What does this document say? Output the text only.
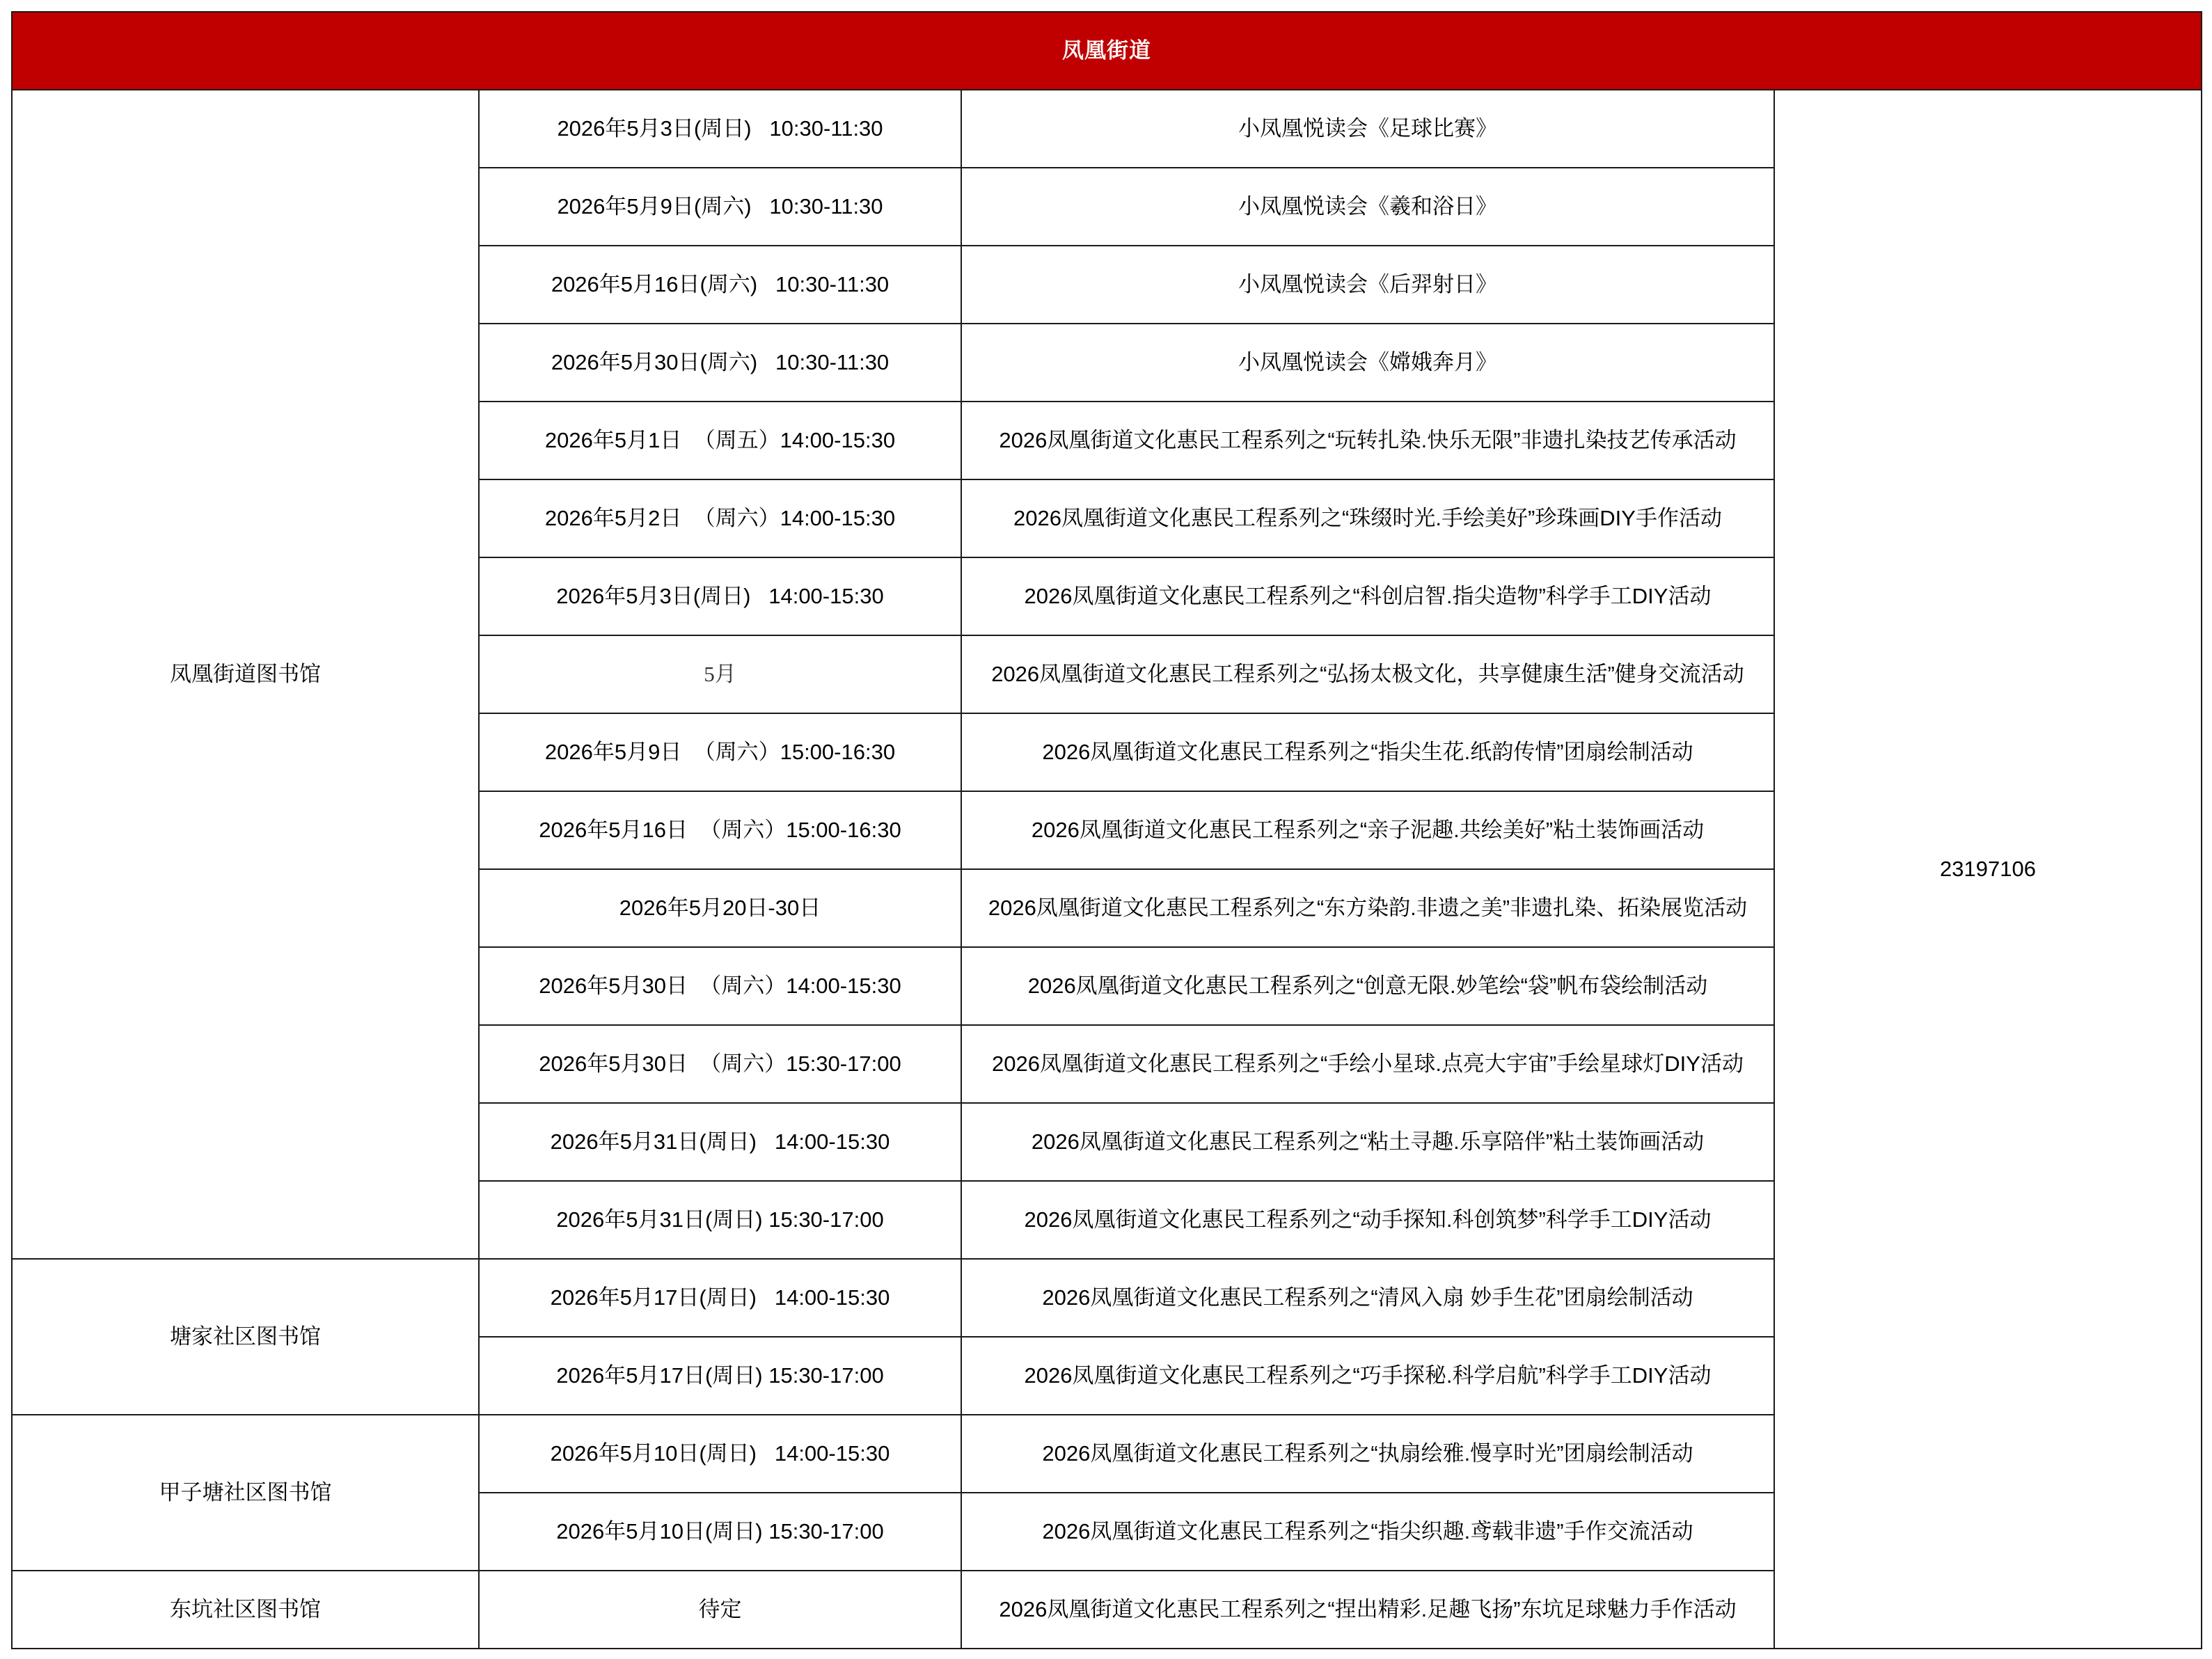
凤凰街道			
凤凰街道图书馆	2026年5月3日(周日)   10:30-11:30	小凤凰悦读会《足球比赛》	23197106
	2026年5月9日(周六)   10:30-11:30	小凤凰悦读会《羲和浴日》	
	2026年5月16日(周六)   10:30-11:30	小凤凰悦读会《后羿射日》	
	2026年5月30日(周六)   10:30-11:30	小凤凰悦读会《嫦娥奔月》	
	2026年5月1日  （周五）14:00-15:30	2026凤凰街道文化惠民工程系列之“玩转扎染.快乐无限”非遗扎染技艺传承活动	
	2026年5月2日  （周六）14:00-15:30	2026凤凰街道文化惠民工程系列之“珠缀时光.手绘美好”珍珠画DIY手作活动	
	2026年5月3日(周日)   14:00-15:30	2026凤凰街道文化惠民工程系列之“科创启智.指尖造物”科学手工DIY活动	
	5月	2026凤凰街道文化惠民工程系列之“弘扬太极文化，共享健康生活”健身交流活动	
	2026年5月9日  （周六）15:00-16:30	2026凤凰街道文化惠民工程系列之“指尖生花.纸韵传情”团扇绘制活动	
	2026年5月16日  （周六）15:00-16:30	2026凤凰街道文化惠民工程系列之“亲子泥趣.共绘美好”粘土装饰画活动	
	2026年5月20日-30日	2026凤凰街道文化惠民工程系列之“东方染韵.非遗之美”非遗扎染、拓染展览活动	
	2026年5月30日  （周六）14:00-15:30	2026凤凰街道文化惠民工程系列之“创意无限.妙笔绘“袋”帆布袋绘制活动	
	2026年5月30日  （周六）15:30-17:00	2026凤凰街道文化惠民工程系列之“手绘小星球.点亮大宇宙”手绘星球灯DIY活动	
	2026年5月31日(周日)   14:00-15:30	2026凤凰街道文化惠民工程系列之“粘土寻趣.乐享陪伴”粘土装饰画活动	
	2026年5月31日(周日) 15:30-17:00	2026凤凰街道文化惠民工程系列之“动手探知.科创筑梦”科学手工DIY活动	
塘家社区图书馆	2026年5月17日(周日)   14:00-15:30	2026凤凰街道文化惠民工程系列之“清风入扇 妙手生花”团扇绘制活动	
	2026年5月17日(周日) 15:30-17:00	2026凤凰街道文化惠民工程系列之“巧手探秘.科学启航”科学手工DIY活动	
甲子塘社区图书馆	2026年5月10日(周日)   14:00-15:30	2026凤凰街道文化惠民工程系列之“执扇绘雅.慢享时光”团扇绘制活动	
	2026年5月10日(周日) 15:30-17:00	2026凤凰街道文化惠民工程系列之“指尖织趣.鸢载非遗”手作交流活动	
东坑社区图书馆	待定	2026凤凰街道文化惠民工程系列之“捏出精彩.足趣飞扬”东坑足球魅力手作活动	
